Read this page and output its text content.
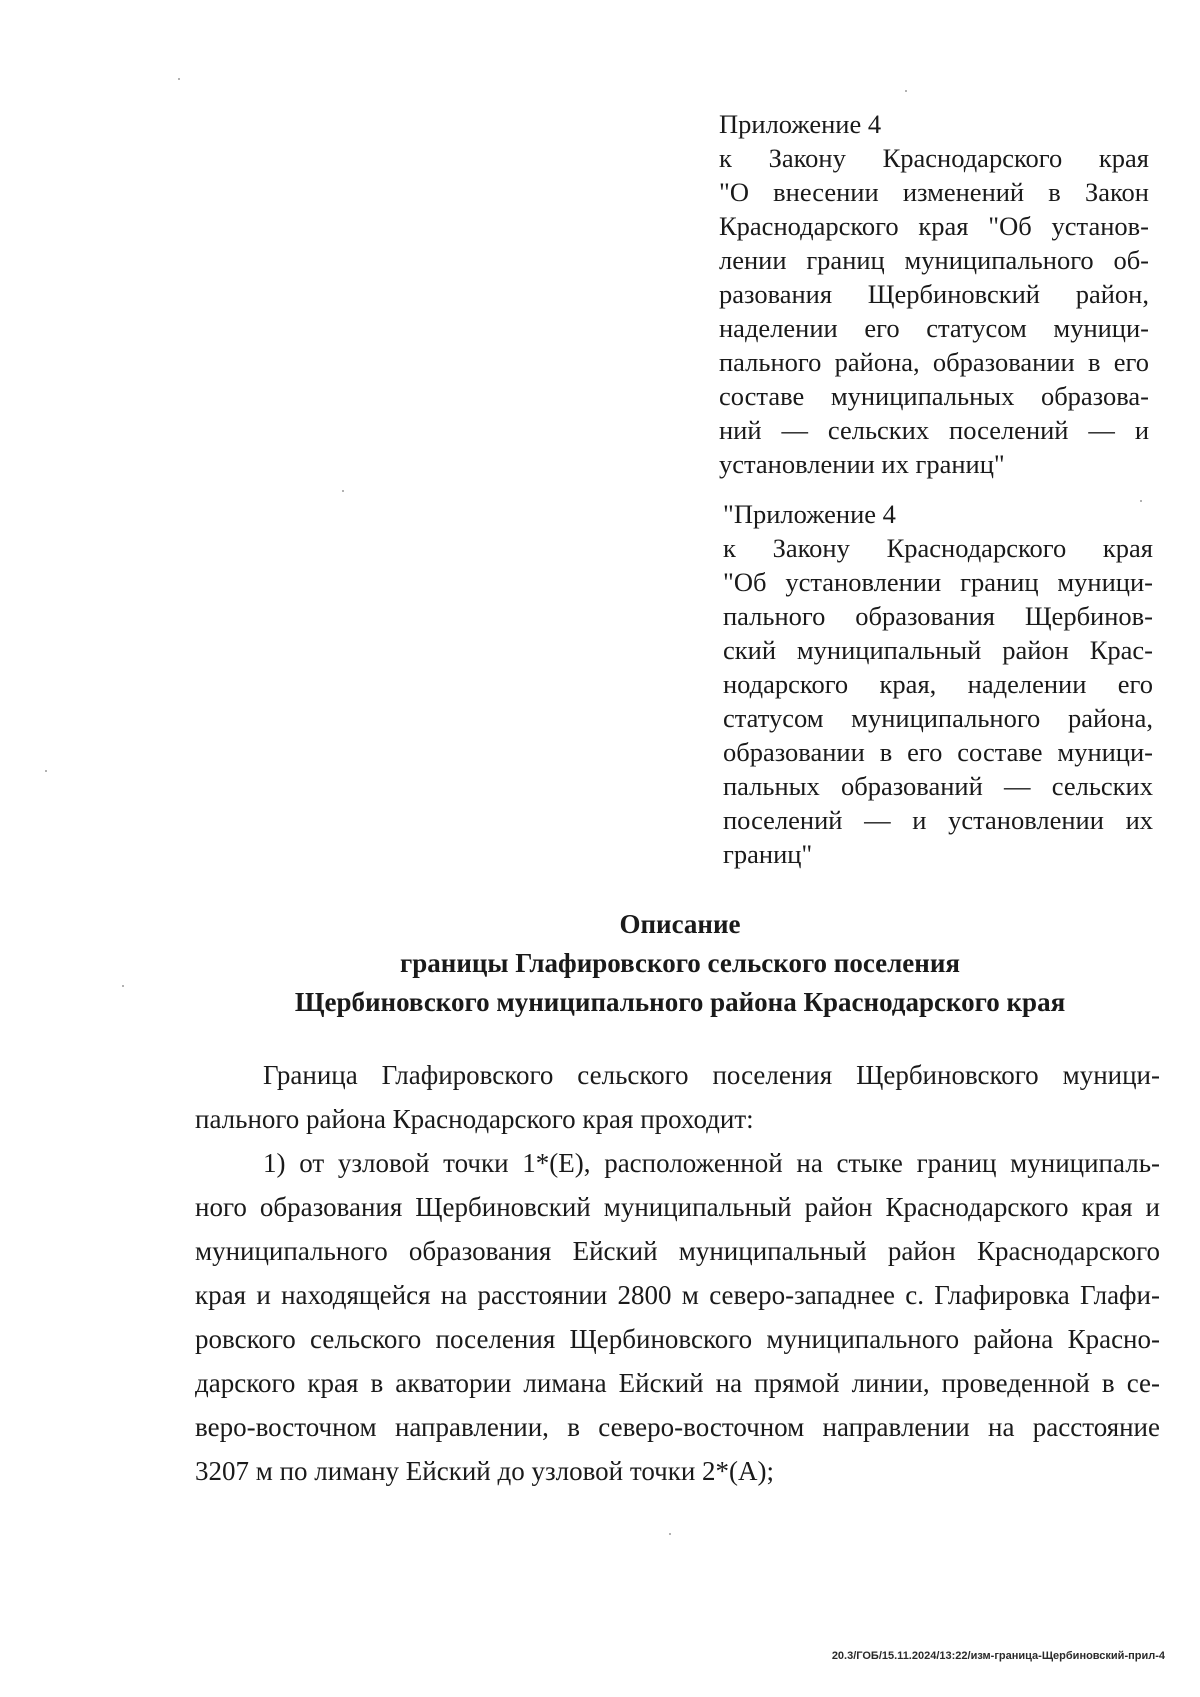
Приложение 4
к Закону Краснодарского края
"О внесении изменений в Закон
Краснодарского края "Об установ-
лении границ муниципального об-
разования Щербиновский район,
наделении его статусом муници-
пального района, образовании в его
составе муниципальных образова-
ний — сельских поселений — и
установлении их границ"
"Приложение 4
к Закону Краснодарского края
"Об установлении границ муници-
пального образования Щербинов-
ский муниципальный район Крас-
нодарского края, наделении его
статусом муниципального района,
образовании в его составе муници-
пальных образований — сельских
поселений — и установлении их
границ"
Описание
границы Глафировского сельского поселения
Щербиновского муниципального района Краснодарского края
Граница Глафировского сельского поселения Щербиновского муници-
пального района Краснодарского края проходит:
1) от узловой точки 1*(Е), расположенной на стыке границ муниципаль-
ного образования Щербиновский муниципальный район Краснодарского края и
муниципального образования Ейский муниципальный район Краснодарского
края и находящейся на расстоянии 2800 м северо-западнее с. Глафировка Глафи-
ровского сельского поселения Щербиновского муниципального района Красно-
дарского края в акватории лимана Ейский на прямой линии, проведенной в се-
веро-восточном направлении, в северо-восточном направлении на расстояние
3207 м по лиману Ейский до узловой точки 2*(А);
20.3/ГОБ/15.11.2024/13:22/изм-граница-Щербиновский-прил-4
